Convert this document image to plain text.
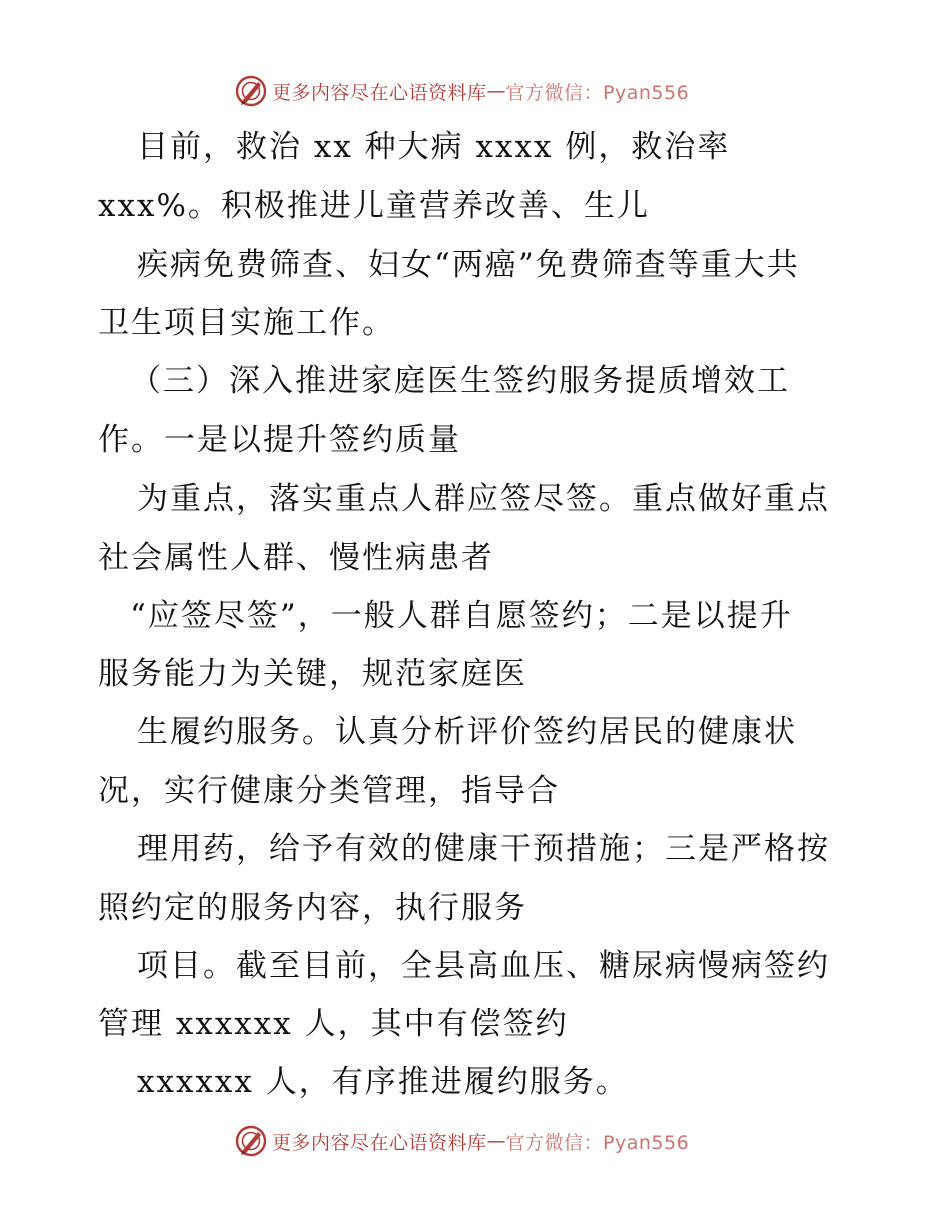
更多内容尽在心语资料库 — 官方微信：Pyan556
目前，救治 xx 种大病 xxxx 例，救治率
xxx%。积极推进儿童营养改善、生儿
疾病免费筛查、妇女“两癌”免费筛查等重大共
卫生项目实施工作。
（三）深入推进家庭医生签约服务提质增效工
作。一是以提升签约质量
为重点，落实重点人群应签尽签。重点做好重点
社会属性人群、慢性病患者
“应签尽签”，一般人群自愿签约；二是以提升
服务能力为关键，规范家庭医
生履约服务。认真分析评价签约居民的健康状
况，实行健康分类管理，指导合
理用药，给予有效的健康干预措施；三是严格按
照约定的服务内容，执行服务
项目。截至目前，全县高血压、糖尿病慢病签约
管理 xxxxxx 人，其中有偿签约
xxxxxx 人，有序推进履约服务。
更多内容尽在心语资料库 — 官方微信：Pyan556
